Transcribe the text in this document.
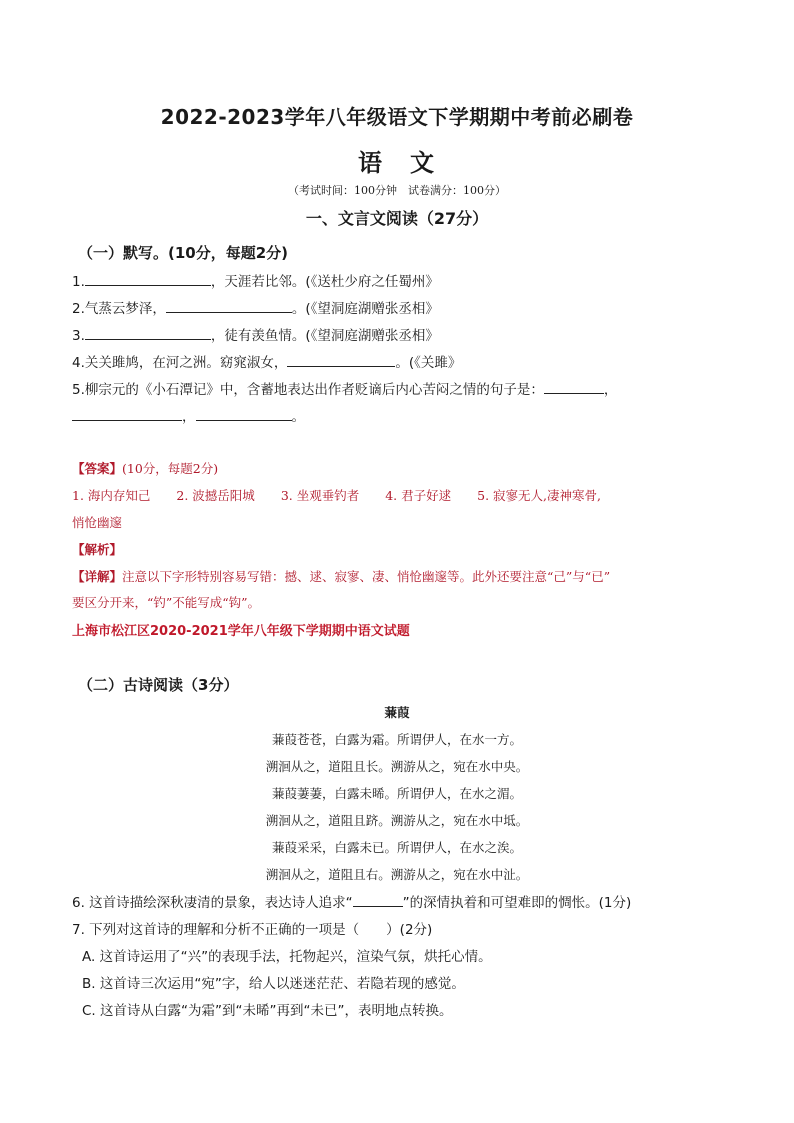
2022-2023学年八年级语文下学期期中考前必刷卷
语　文
（考试时间：100分钟　试卷满分：100分）
一、文言文阅读（27分）
（一）默写。(10分，每题2分)
1.	，天涯若比邻。(《送杜少府之任蜀州》
2.气蒸云梦泽，	。(《望洞庭湖赠张丞相》
3.	，徒有羡鱼情。(《望洞庭湖赠张丞相》
4.关关雎鸠，在河之洲。窈窕淑女，	。(《关雎》
5.柳宗元的《小石潭记》中，含蓄地表达出作者贬谪后内心苦闷之情的句子是：	，
，	。
【答案】(10分，每题2分)
1. 海内存知己 2. 波撼岳阳城 3. 坐观垂钓者 4. 君子好逑 5. 寂寥无人,凄神寒骨,
悄怆幽邃
【解析】
【详解】注意以下字形特别容易写错：撼、逑、寂寥、凄、悄怆幽邃等。此外还要注意“己”与“已”
要区分开来，“钓”不能写成“钩”。
上海市松江区2020-2021学年八年级下学期期中语文试题
（二）古诗阅读（3分）
蒹葭
蒹葭苍苍，白露为霜。所谓伊人，在水一方。
溯洄从之，道阻且长。溯游从之，宛在水中央。
蒹葭萋萋，白露未晞。所谓伊人，在水之湄。
溯洄从之，道阻且跻。溯游从之，宛在水中坻。
蒹葭采采，白露未已。所谓伊人，在水之涘。
溯洄从之，道阻且右。溯游从之，宛在水中沚。
6. 这首诗描绘深秋凄清的景象，表达诗人追求“	”的深情执着和可望难即的惆怅。(1分)
7. 下列对这首诗的理解和分析不正确的一项是（　　）(2分)
A. 这首诗运用了“兴”的表现手法，托物起兴，渲染气氛，烘托心情。
B. 这首诗三次运用“宛”字，给人以迷迷茫茫、若隐若现的感觉。
C. 这首诗从白露“为霜”到“未晞”再到“未已”，表明地点转换。
